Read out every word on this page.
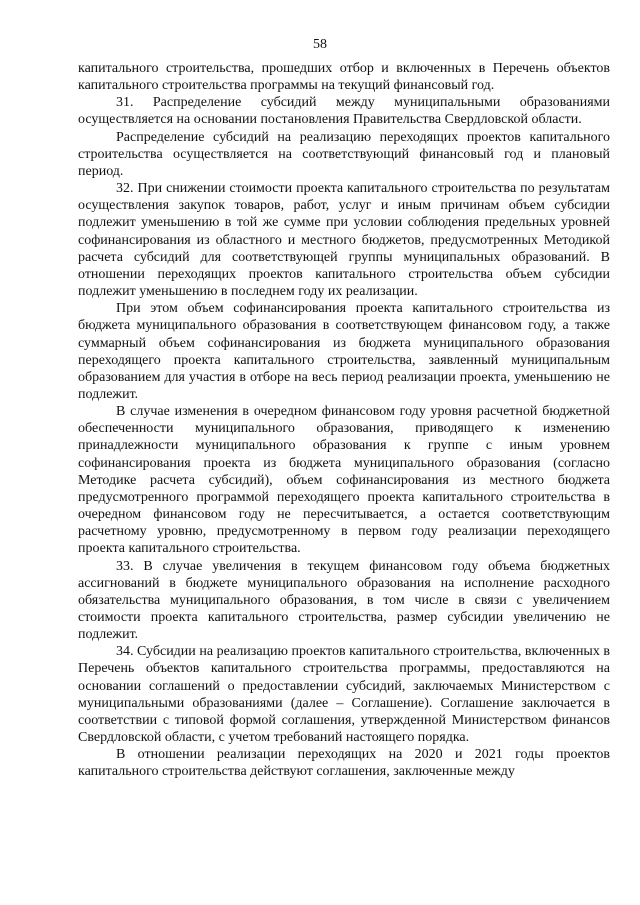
58

капитального строительства, прошедших отбор и включенных в Перечень объектов капитального строительства программы на текущий финансовый год.

31. Распределение субсидий между муниципальными образованиями осуществляется на основании постановления Правительства Свердловской области.

Распределение субсидий на реализацию переходящих проектов капитального строительства осуществляется на соответствующий финансовый год и плановый период.

32. При снижении стоимости проекта капитального строительства по результатам осуществления закупок товаров, работ, услуг и иным причинам объем субсидии подлежит уменьшению в той же сумме при условии соблюдения предельных уровней софинансирования из областного и местного бюджетов, предусмотренных Методикой расчета субсидий для соответствующей группы муниципальных образований. В отношении переходящих проектов капитального строительства объем субсидии подлежит уменьшению в последнем году их реализации.

При этом объем софинансирования проекта капитального строительства из бюджета муниципального образования в соответствующем финансовом году, а также суммарный объем софинансирования из бюджета муниципального образования переходящего проекта капитального строительства, заявленный муниципальным образованием для участия в отборе на весь период реализации проекта, уменьшению не подлежит.

В случае изменения в очередном финансовом году уровня расчетной бюджетной обеспеченности муниципального образования, приводящего к изменению принадлежности муниципального образования к группе с иным уровнем софинансирования проекта из бюджета муниципального образования (согласно Методике расчета субсидий), объем софинансирования из местного бюджета предусмотренного программой переходящего проекта капитального строительства в очередном финансовом году не пересчитывается, а остается соответствующим расчетному уровню, предусмотренному в первом году реализации переходящего проекта капитального строительства.

33. В случае увеличения в текущем финансовом году объема бюджетных ассигнований в бюджете муниципального образования на исполнение расходного обязательства муниципального образования, в том числе в связи с увеличением стоимости проекта капитального строительства, размер субсидии увеличению не подлежит.

34. Субсидии на реализацию проектов капитального строительства, включенных в Перечень объектов капитального строительства программы, предоставляются на основании соглашений о предоставлении субсидий, заключаемых Министерством с муниципальными образованиями (далее – Соглашение). Соглашение заключается в соответствии с типовой формой соглашения, утвержденной Министерством финансов Свердловской области, с учетом требований настоящего порядка.

В отношении реализации переходящих на 2020 и 2021 годы проектов капитального строительства действуют соглашения, заключенные между
